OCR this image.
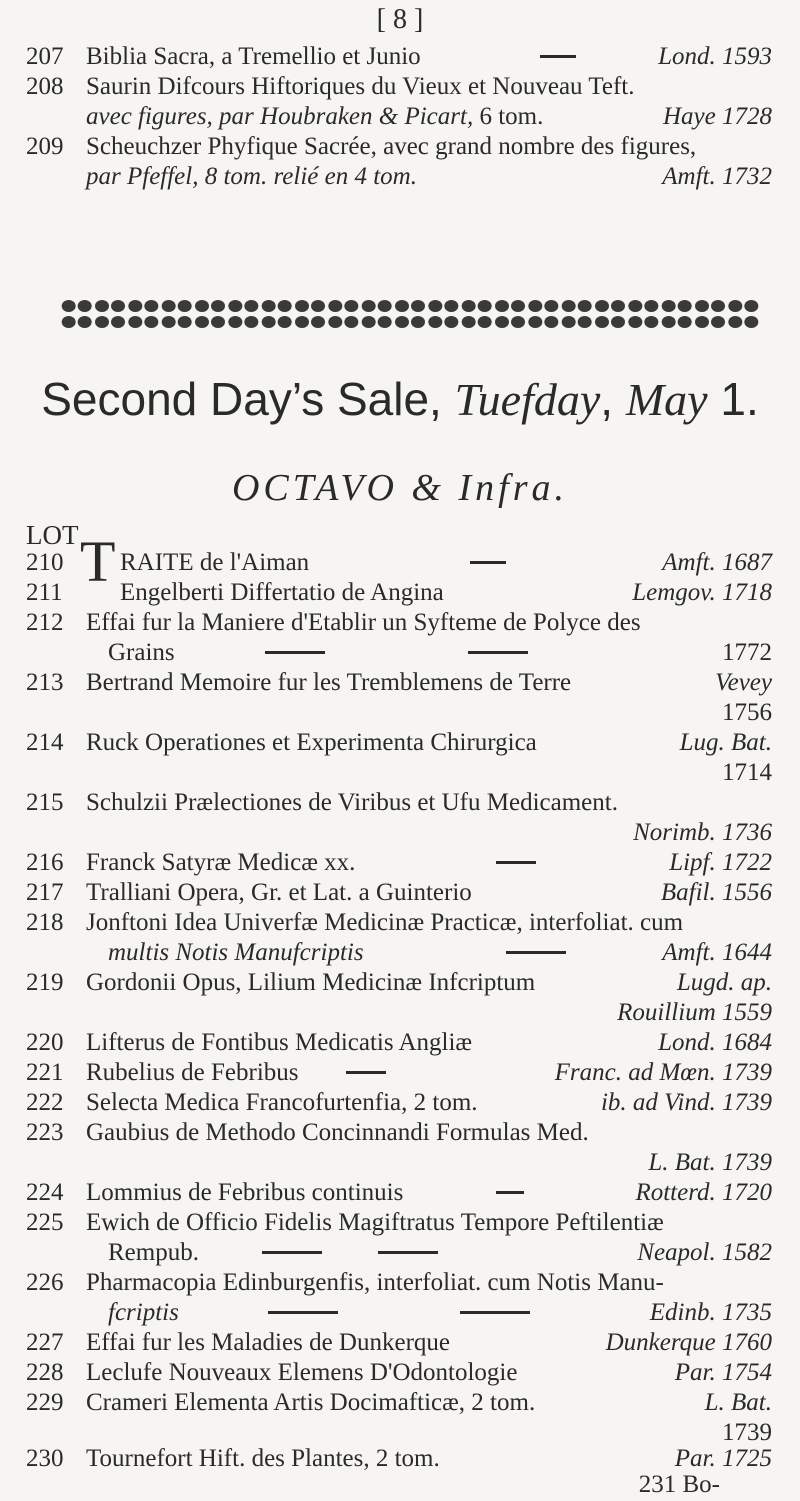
[ 8 ]
207 Biblia Sacra, a Tremellio et Junio	Lond. 1593
208 Saurin Difcours Hiftoriques du Vieux et Nouveau Teft.
avec figures, par Houbraken & Picart, 6 tom.	Haye 1728
209 Scheuchzer Phyfique Sacrée, avec grand nombre des figures,
par Pfeffel, 8 tom. relié en 4 tom.	Amft. 1732
Second Day’s Sale, Tuefday, May 1.
OCTAVO & Infra.
LOT T
210 RAITE de l'Aiman	Amft. 1687
211 Engelberti Differtatio de Angina	Lemgov. 1718
212 Effai fur la Maniere d'Etablir un Syfteme de Polyce des
Grains	1772
213 Bertrand Memoire fur les Tremblemens de Terre	Vevey
1756
214 Ruck Operationes et Experimenta Chirurgica	Lug. Bat.
1714
215 Schulzii Prælectiones de Viribus et Ufu Medicament.
Norimb. 1736
216 Franck Satyræ Medicæ xx.	Lipf. 1722
217 Tralliani Opera, Gr. et Lat. a Guinterio	Bafil. 1556
218 Jonftoni Idea Univerfæ Medicinæ Practicæ, interfoliat. cum
multis Notis Manufcriptis	Amft. 1644
219 Gordonii Opus, Lilium Medicinæ Infcriptum	Lugd. ap.
Rouillium 1559
220 Lifterus de Fontibus Medicatis Angliæ	Lond. 1684
221 Rubelius de Febribus	Franc. ad Mœn. 1739
222 Selecta Medica Francofurtenfia, 2 tom.	ib. ad Vind. 1739
223 Gaubius de Methodo Concinnandi Formulas Med.
L. Bat. 1739
224 Lommius de Febribus continuis	Rotterd. 1720
225 Ewich de Officio Fidelis Magiftratus Tempore Peftilentiæ
Rempub.	Neapol. 1582
226 Pharmacopia Edinburgenfis, interfoliat. cum Notis Manu-
fcriptis	Edinb. 1735
227 Effai fur les Maladies de Dunkerque	Dunkerque 1760
228 Leclufe Nouveaux Elemens D'Odontologie	Par. 1754
229 Crameri Elementa Artis Docimafticæ, 2 tom.	L. Bat.
1739
230 Tournefort Hift. des Plantes, 2 tom.	Par. 1725
231 Bo-
